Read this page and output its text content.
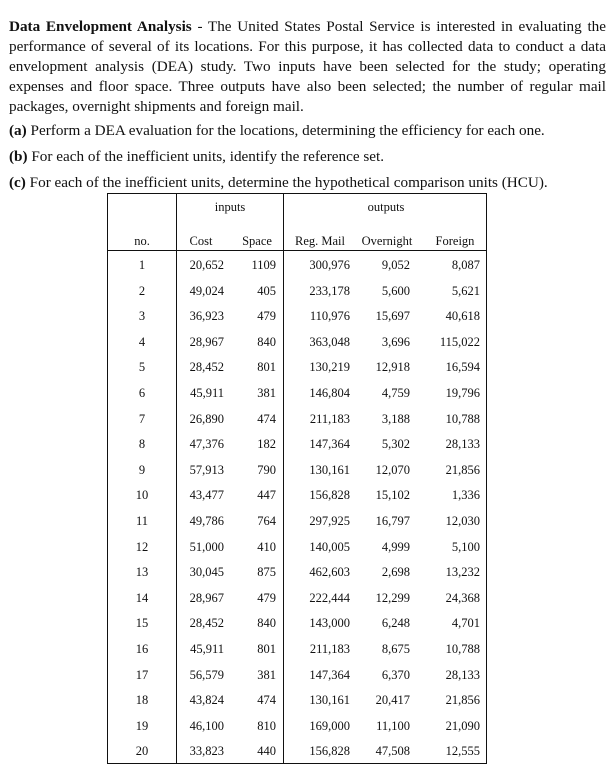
Data Envelopment Analysis - The United States Postal Service is interested in evaluating the performance of several of its locations. For this purpose, it has collected data to conduct a data envelopment analysis (DEA) study. Two inputs have been selected for the study; operating expenses and floor space. Three outputs have also been selected; the number of regular mail packages, overnight shipments and foreign mail.
(a) Perform a DEA evaluation for the locations, determining the efficiency for each one.
(b) For each of the inefficient units, identify the reference set.
(c) For each of the inefficient units, determine the hypothetical comparison units (HCU).
inputs	outputs
no.	Cost	Space	Reg. Mail	Overnight	Foreign
1	20,652	1109	300,976	9,052	8,087
2	49,024	405	233,178	5,600	5,621
3	36,923	479	110,976	15,697	40,618
4	28,967	840	363,048	3,696	115,022
5	28,452	801	130,219	12,918	16,594
6	45,911	381	146,804	4,759	19,796
7	26,890	474	211,183	3,188	10,788
8	47,376	182	147,364	5,302	28,133
9	57,913	790	130,161	12,070	21,856
10	43,477	447	156,828	15,102	1,336
11	49,786	764	297,925	16,797	12,030
12	51,000	410	140,005	4,999	5,100
13	30,045	875	462,603	2,698	13,232
14	28,967	479	222,444	12,299	24,368
15	28,452	840	143,000	6,248	4,701
16	45,911	801	211,183	8,675	10,788
17	56,579	381	147,364	6,370	28,133
18	43,824	474	130,161	20,417	21,856
19	46,100	810	169,000	11,100	21,090
20	33,823	440	156,828	47,508	12,555
